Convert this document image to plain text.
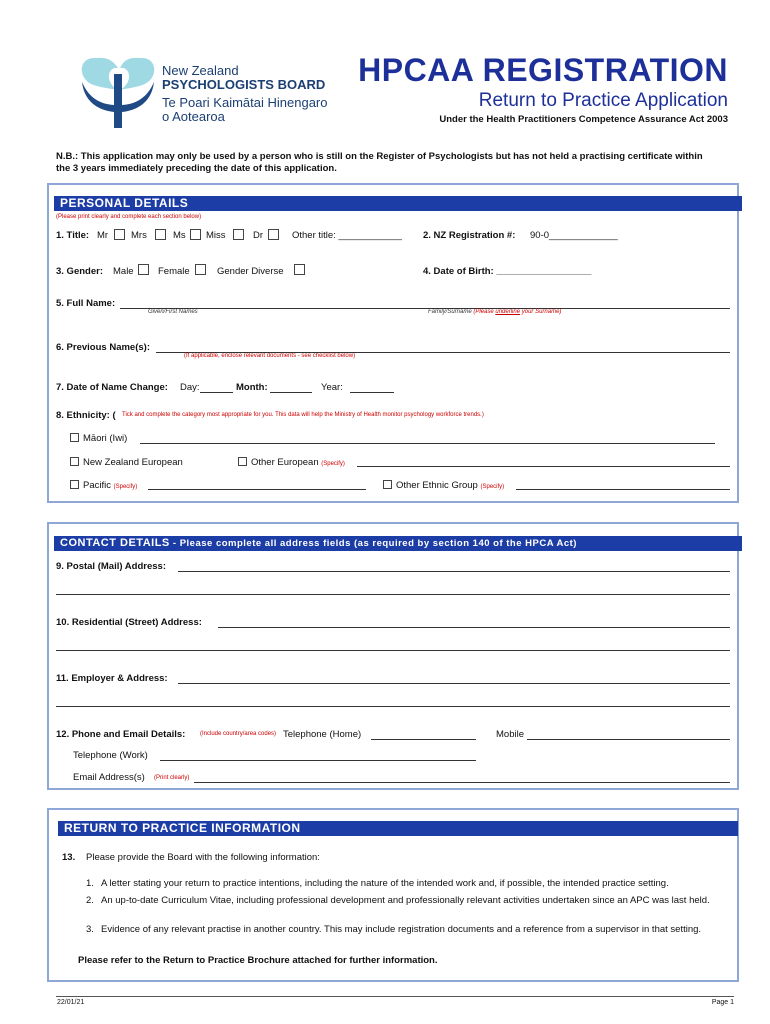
New Zealand
PSYCHOLOGISTS BOARD
Te Poari Kaimātai Hinengaro
o Aotearoa
HPCAA REGISTRATION
Return to Practice Application
Under the Health Practitioners Competence Assurance Act 2003
N.B.: This application may only be used by a person who is still on the Register of Psychologists but has not held a practising certificate within the 3 years immediately preceding the date of this application.
PERSONAL DETAILS
(Please print clearly and complete each section below)
1. Title: Mr Mrs	Ms Miss	Dr	Other title: ____________ 2. NZ Registration #: 90-0_____________
3. Gender: Male	Female	Gender Diverse	4. Date of Birth: __________________
5. Full Name:
Given/First Names	Family/Surname (Please underline your Surname)
6. Previous Name(s):
(If applicable, enclose relevant documents - see checklist below)
7. Date of Name Change: Day:	Month:	Year:
8. Ethnicity: ( Tick and complete the category most appropriate for you. This data will help the Ministry of Health monitor psychology workforce trends.)
Māori (Iwi)
New Zealand European	Other European (Specify)
Pacific (Specify)	Other Ethnic Group (Specify)
CONTACT DETAILS - Please complete all address fields (as required by section 140 of the HPCA Act)
9. Postal (Mail) Address:
10. Residential (Street) Address:
11. Employer & Address:
12. Phone and Email Details: (Include country/area codes) Telephone (Home)	Mobile
Telephone (Work)
Email Address(s) (Print clearly)
RETURN TO PRACTICE INFORMATION
13. Please provide the Board with the following information:
1. A letter stating your return to practice intentions, including the nature of the intended work and, if possible, the intended practice setting.
2. An up-to-date Curriculum Vitae, including professional development and professionally relevant activities undertaken since an APC was last held.
3. Evidence of any relevant practise in another country. This may include registration documents and a reference from a supervisor in that setting.
Please refer to the Return to Practice Brochure attached for further information.
22/01/21	Page 1
